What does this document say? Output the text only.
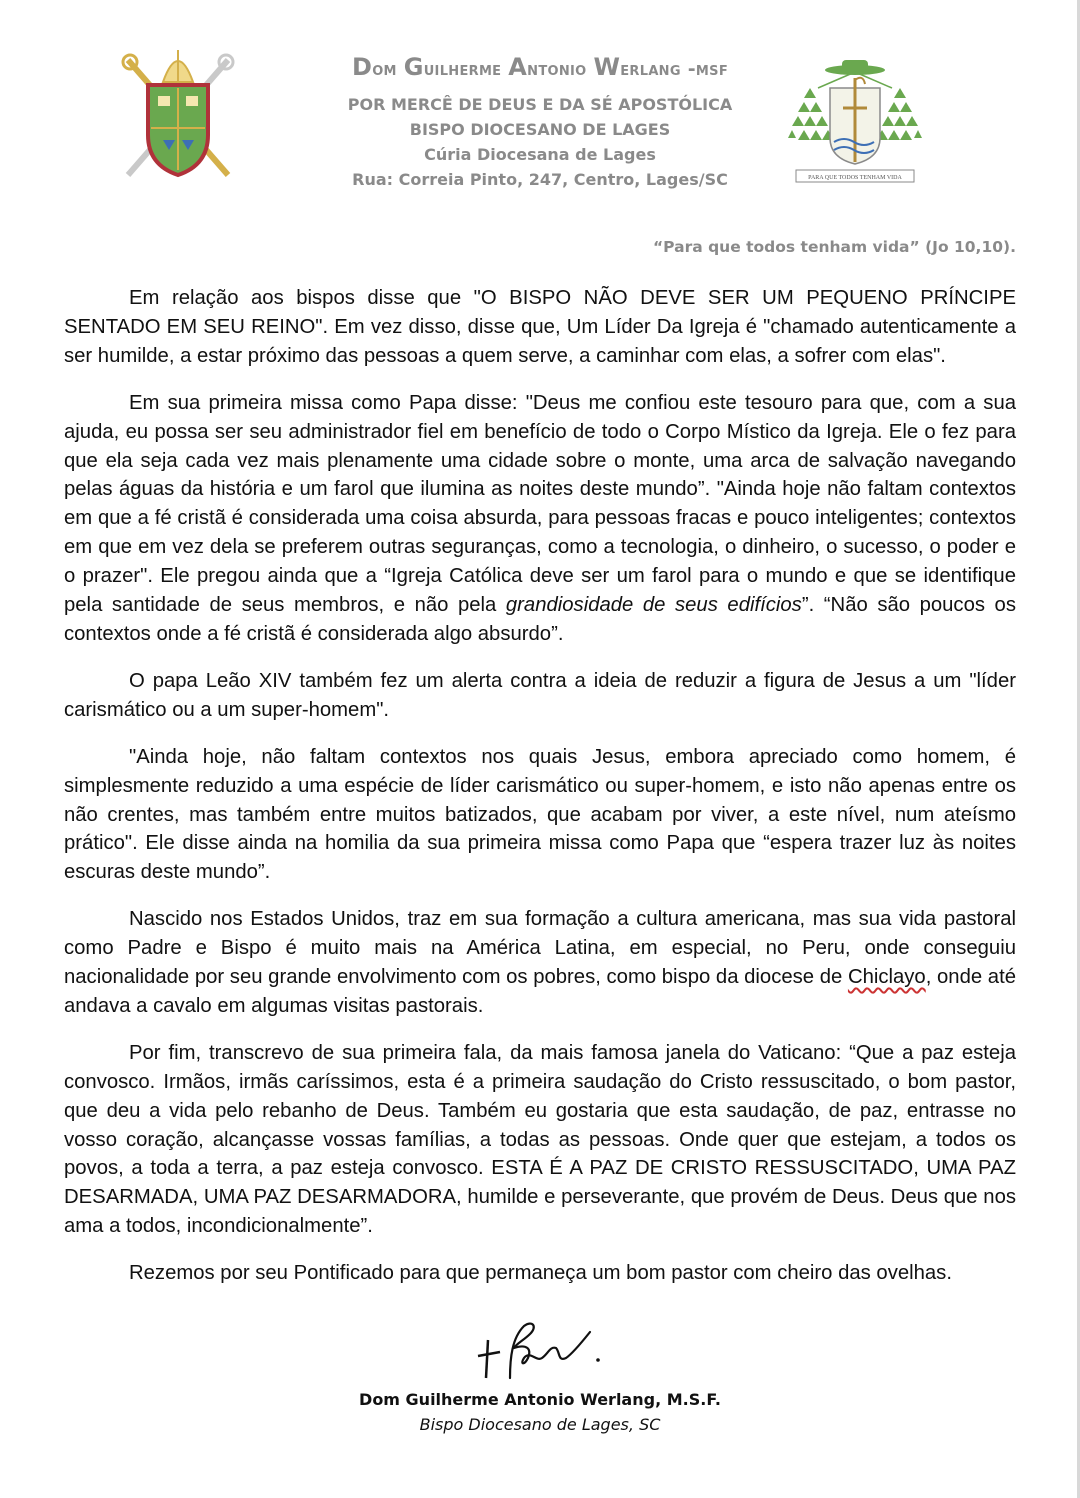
Dom Guilherme Antonio Werlang -msf

POR MERCÊ DE DEUS E DA SÉ APOSTÓLICA

BISPO DIOCESANO DE LAGES

Cúria Diocesana de Lages

Rua: Correia Pinto, 247, Centro, Lages/SC	PARA QUE TODOS TENHAM VIDA
“Para que todos tenham vida” (Jo 10,10).

Em relação aos bispos disse que "O BISPO NÃO DEVE SER UM PEQUENO PRÍNCIPE SENTADO EM SEU REINO". Em vez disso, disse que, Um Líder Da Igreja é "chamado autenticamente a ser humilde, a estar próximo das pessoas a quem serve, a caminhar com elas, a sofrer com elas".

Em sua primeira missa como Papa disse: "Deus me confiou este tesouro para que, com a sua ajuda, eu possa ser seu administrador fiel em benefício de todo o Corpo Místico da Igreja. Ele o fez para que ela seja cada vez mais plenamente uma cidade sobre o monte, uma arca de salvação navegando pelas águas da história e um farol que ilumina as noites deste mundo”. "Ainda hoje não faltam contextos em que a fé cristã é considerada uma coisa absurda, para pessoas fracas e pouco inteligentes; contextos em que em vez dela se preferem outras seguranças, como a tecnologia, o dinheiro, o sucesso, o poder e o prazer". Ele pregou ainda que a “Igreja Católica deve ser um farol para o mundo e que se identifique pela santidade de seus membros, e não pela grandiosidade de seus edifícios”. “Não são poucos os contextos onde a fé cristã é considerada algo absurdo”.

O papa Leão XIV também fez um alerta contra a ideia de reduzir a figura de Jesus a um "líder carismático ou a um super-homem".

"Ainda hoje, não faltam contextos nos quais Jesus, embora apreciado como homem, é simplesmente reduzido a uma espécie de líder carismático ou super-homem, e isto não apenas entre os não crentes, mas também entre muitos batizados, que acabam por viver, a este nível, num ateísmo prático". Ele disse ainda na homilia da sua primeira missa como Papa que “espera trazer luz às noites escuras deste mundo”.

Nascido nos Estados Unidos, traz em sua formação a cultura americana, mas sua vida pastoral como Padre e Bispo é muito mais na América Latina, em especial, no Peru, onde conseguiu nacionalidade por seu grande envolvimento com os pobres, como bispo da diocese de Chiclayo, onde até andava a cavalo em algumas visitas pastorais.

Por fim, transcrevo de sua primeira fala, da mais famosa janela do Vaticano: “Que a paz esteja convosco. Irmãos, irmãs caríssimos, esta é a primeira saudação do Cristo ressuscitado, o bom pastor, que deu a vida pelo rebanho de Deus. Também eu gostaria que esta saudação, de paz, entrasse no vosso coração, alcançasse vossas famílias, a todas as pessoas. Onde quer que estejam, a todos os povos, a toda a terra, a paz esteja convosco. ESTA É A PAZ DE CRISTO RESSUSCITADO, UMA PAZ DESARMADA, UMA PAZ DESARMADORA, humilde e perseverante, que provém de Deus. Deus que nos ama a todos, incondicionalmente”.

Rezemos por seu Pontificado para que permaneça um bom pastor com cheiro das ovelhas.

Dom Guilherme Antonio Werlang, M.S.F.
Bispo Diocesano de Lages, SC
